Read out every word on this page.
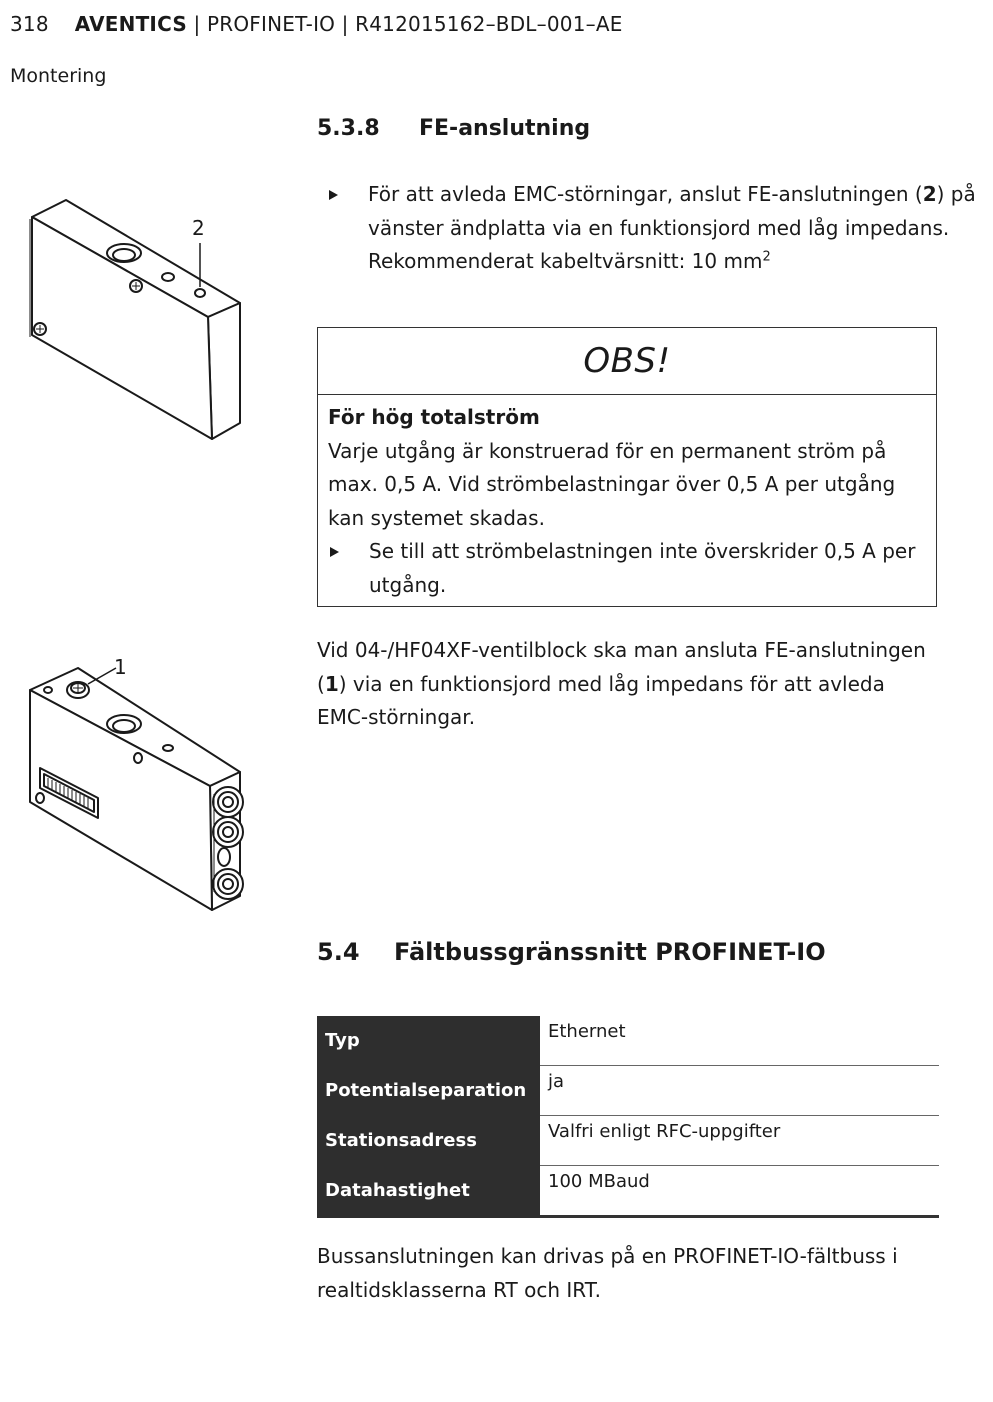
318 AVENTICS | PROFINET-IO | R412015162–BDL–001–AE
Montering
2
5.3.8 FE-anslutning
För att avleda EMC-störningar, anslut FE-anslutningen (2) på vänster ändplatta via en funktionsjord med låg impedans.
Rekommenderat kabeltvärsnitt: 10 $mm^2$
OBS!
För hög totalström
Varje utgång är konstruerad för en permanent ström på max. 0,5 A. Vid strömbelastningar över 0,5 A per utgång kan systemet skadas.
Se till att strömbelastningen inte överskrider 0,5 A per utgång.
1
Vid 04-/HF04XF-ventilblock ska man ansluta FE-anslutningen (1) via en funktionsjord med låg impedans för att avleda EMC-störningar.
5.4 Fältbussgränssnitt PROFINET-IO
Typ	Ethernet
Potentialseparation	ja
Stationsadress	Valfri enligt RFC-uppgifter
Datahastighet	100 MBaud
Bussanslutningen kan drivas på en PROFINET-IO-fältbuss i realtidsklasserna RT och IRT.
